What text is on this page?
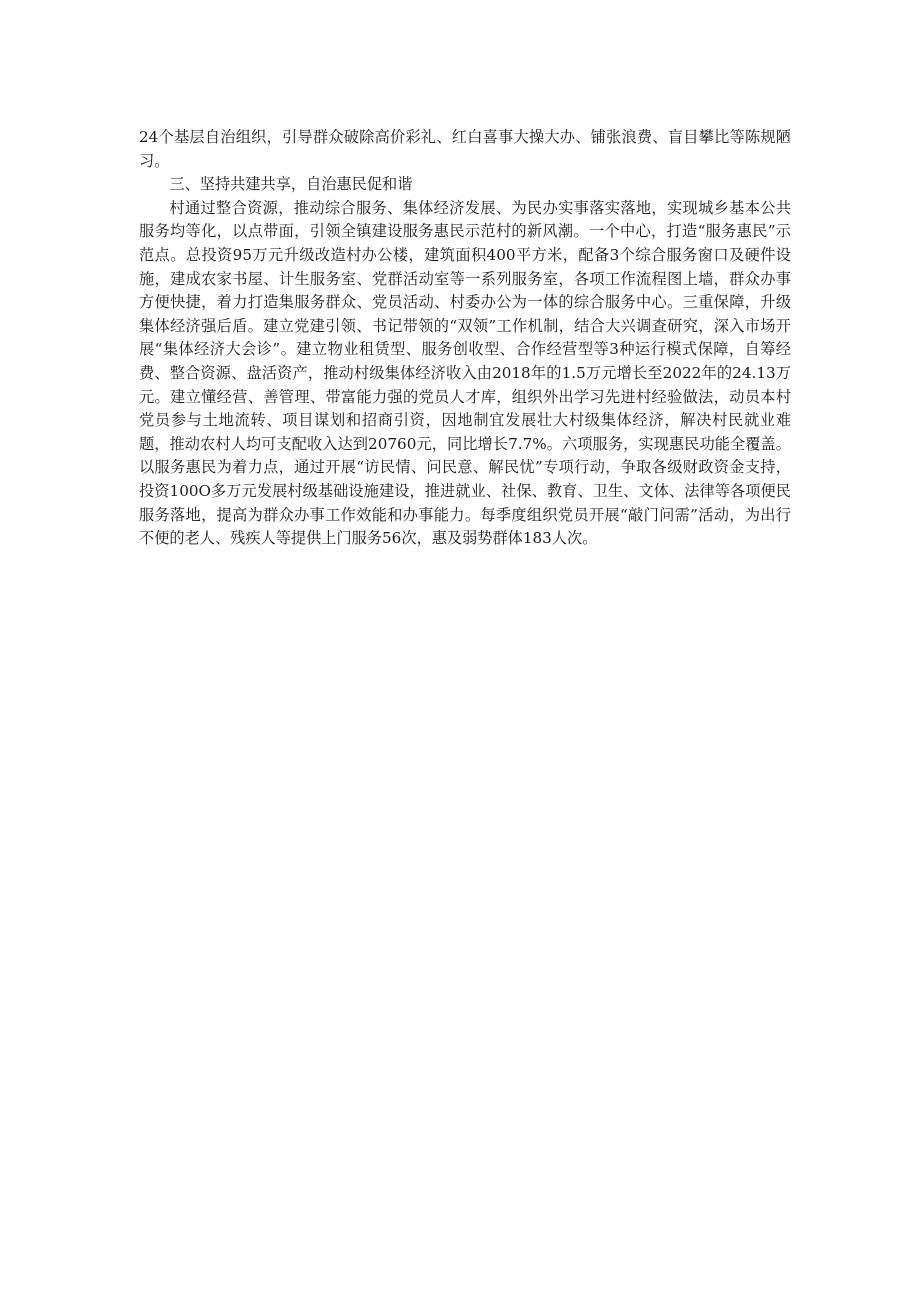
24个基层自治组织，引导群众破除高价彩礼、红白喜事大操大办、铺张浪费、盲目攀比等陈规陋习。

三、坚持共建共享，自治惠民促和谐

村通过整合资源，推动综合服务、集体经济发展、为民办实事落实落地，实现城乡基本公共服务均等化，以点带面，引领全镇建设服务惠民示范村的新风潮。一个中心，打造“服务惠民”示范点。总投资95万元升级改造村办公楼，建筑面积400平方米，配备3个综合服务窗口及硬件设施，建成农家书屋、计生服务室、党群活动室等一系列服务室，各项工作流程图上墙，群众办事方便快捷，着力打造集服务群众、党员活动、村委办公为一体的综合服务中心。三重保障，升级集体经济强后盾。建立党建引领、书记带领的“双领”工作机制，结合大兴调查研究，深入市场开展“集体经济大会诊”。建立物业租赁型、服务创收型、合作经营型等3种运行模式保障，自筹经费、整合资源、盘活资产，推动村级集体经济收入由2018年的1.5万元增长至2022年的24.13万元。建立懂经营、善管理、带富能力强的党员人才库，组织外出学习先进村经验做法，动员本村党员参与土地流转、项目谋划和招商引资，因地制宜发展壮大村级集体经济，解决村民就业难题，推动农村人均可支配收入达到20760元，同比增长7.7%。六项服务，实现惠民功能全覆盖。以服务惠民为着力点，通过开展“访民情、问民意、解民忧”专项行动，争取各级财政资金支持，投资100O多万元发展村级基础设施建设，推进就业、社保、教育、卫生、文体、法律等各项便民服务落地，提高为群众办事工作效能和办事能力。每季度组织党员开展“敲门问需”活动，为出行不便的老人、残疾人等提供上门服务56次，惠及弱势群体183人次。
